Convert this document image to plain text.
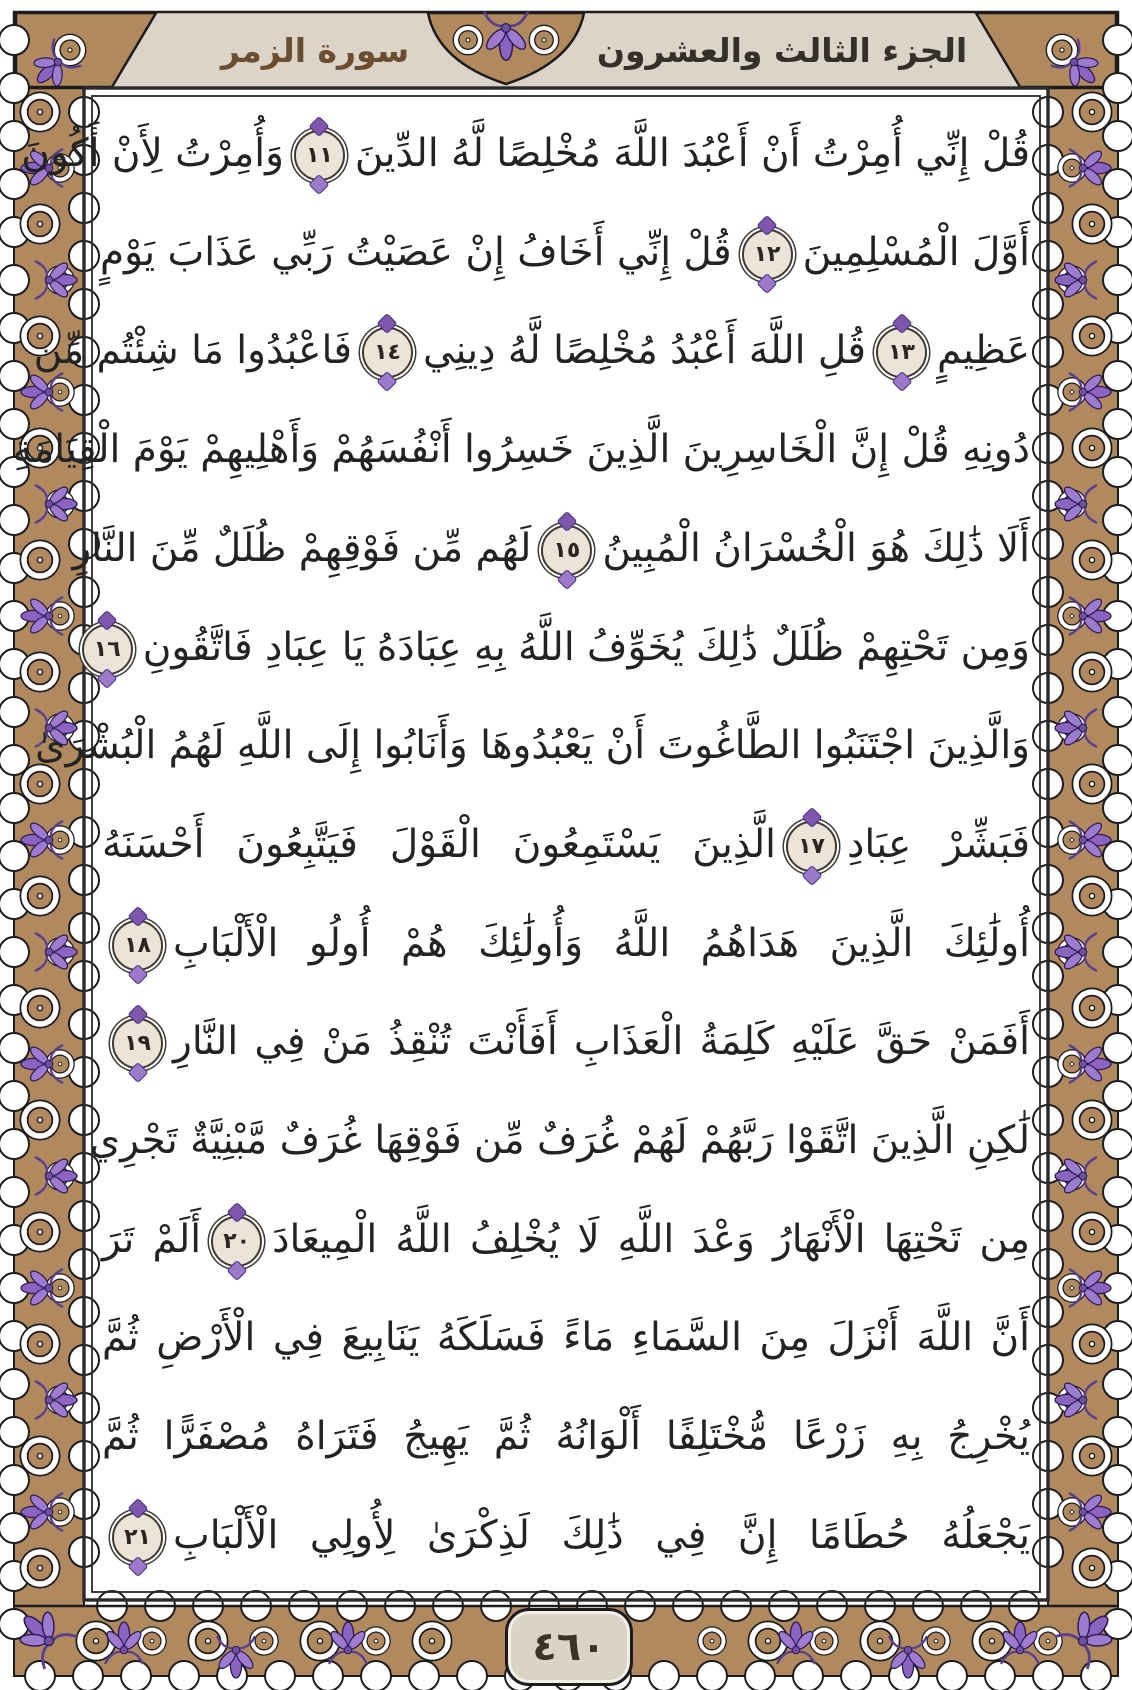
الجزء الثالث والعشرون
سورة الزمر
قُلْ إِنِّي أُمِرْتُ أَنْ أَعْبُدَ اللَّهَ مُخْلِصًا لَّهُ الدِّينَ١١وَأُمِرْتُ لِأَنْ أَكُونَ
أَوَّلَ الْمُسْلِمِينَ١٢قُلْ إِنِّي أَخَافُ إِنْ عَصَيْتُ رَبِّي عَذَابَ يَوْمٍ
عَظِيمٍ١٣قُلِ اللَّهَ أَعْبُدُ مُخْلِصًا لَّهُ دِينِي١٤فَاعْبُدُوا مَا شِئْتُم مِّن
دُونِهِ قُلْ إِنَّ الْخَاسِرِينَ الَّذِينَ خَسِرُوا أَنْفُسَهُمْ وَأَهْلِيهِمْ يَوْمَ الْقِيَامَةِ
أَلَا ذَٰلِكَ هُوَ الْخُسْرَانُ الْمُبِينُ١٥لَهُم مِّن فَوْقِهِمْ ظُلَلٌ مِّنَ النَّارِ
وَمِن تَحْتِهِمْ ظُلَلٌ ذَٰلِكَ يُخَوِّفُ اللَّهُ بِهِ عِبَادَهُ يَا عِبَادِ فَاتَّقُونِ١٦
وَالَّذِينَ اجْتَنَبُوا الطَّاغُوتَ أَنْ يَعْبُدُوهَا وَأَنَابُوا إِلَى اللَّهِ لَهُمُ الْبُشْرَىٰ
فَبَشِّرْ عِبَادِ١٧الَّذِينَ يَسْتَمِعُونَ الْقَوْلَ فَيَتَّبِعُونَ أَحْسَنَهُ
أُولَٰئِكَ الَّذِينَ هَدَاهُمُ اللَّهُ وَأُولَٰئِكَ هُمْ أُولُو الْأَلْبَابِ١٨
أَفَمَنْ حَقَّ عَلَيْهِ كَلِمَةُ الْعَذَابِ أَفَأَنْتَ تُنْقِذُ مَنْ فِي النَّارِ١٩
لَٰكِنِ الَّذِينَ اتَّقَوْا رَبَّهُمْ لَهُمْ غُرَفٌ مِّن فَوْقِهَا غُرَفٌ مَّبْنِيَّةٌ تَجْرِي
مِن تَحْتِهَا الْأَنْهَارُ وَعْدَ اللَّهِ لَا يُخْلِفُ اللَّهُ الْمِيعَادَ٢٠أَلَمْ تَرَ
أَنَّ اللَّهَ أَنْزَلَ مِنَ السَّمَاءِ مَاءً فَسَلَكَهُ يَنَابِيعَ فِي الْأَرْضِ ثُمَّ
يُخْرِجُ بِهِ زَرْعًا مُّخْتَلِفًا أَلْوَانُهُ ثُمَّ يَهِيجُ فَتَرَاهُ مُصْفَرًّا ثُمَّ
يَجْعَلُهُ حُطَامًا إِنَّ فِي ذَٰلِكَ لَذِكْرَىٰ لِأُولِي الْأَلْبَابِ٢١
٤٦٠
